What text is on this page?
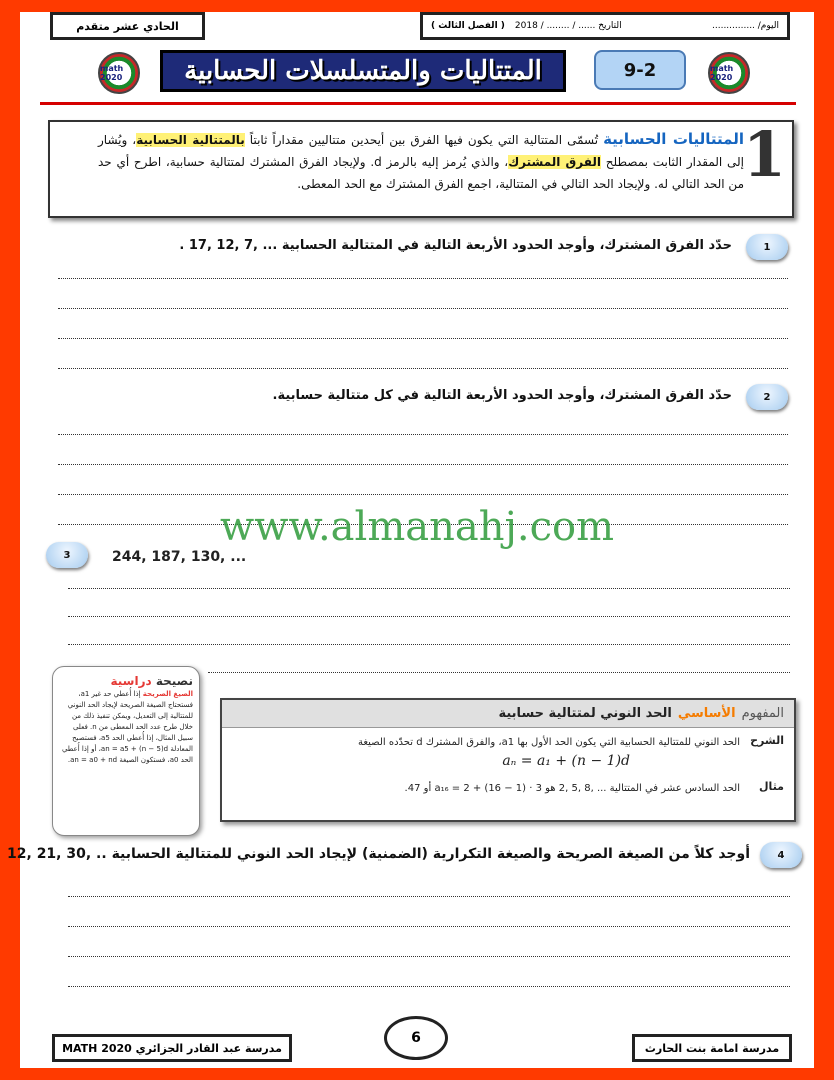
الحادي عشر متقدم	اليوم/ ...............
التاريخ ...... / ........ / 2018
( الفصل الثالث )
math 2020	المتتاليات والمتسلسلات الحسابية	9-2	math 2020
1
المتتاليات الحسابية تُسمّى المتتالية التي يكون فيها الفرق بين أيحدين متتاليين مقداراً ثابتاً بالمتتالية الحسابية، ويُشار إلى المقدار الثابت بمصطلح الفرق المشترك، والذي يُرمز إليه بالرمز d. ولإيجاد الفرق المشترك لمتتالية حسابية، اطرح أي حد من الحد التالي له. ولإيجاد الحد التالي في المتتالية، اجمع الفرق المشترك مع الحد المعطى.
1
حدّد الفرق المشترك، وأوجد الحدود الأربعة التالية في المتتالية الحسابية ... ,7 ,12 ,17 .
2
حدّد الفرق المشترك، وأوجد الحدود الأربعة التالية في كل متتالية حسابية.
www.almanahj.com
3	244, 187, 130, ...
نصيحة دراسية
الصيغ الصريحة إذا أُعطي حد غير a1، فستحتاج الصيغة الصريحة لإيجاد الحد النوني للمتتالية إلى التعديل، ويمكن تنفيذ ذلك من خلال طرح عدد الحد المعطى من n. فعلى سبيل المثال، إذا أُعطي الحد a5، فستصبح المعادلة an = a5 + (n − 5)d، أو إذا أُعطي الحد a0، فستكون الصيغة an = a0 + nd.
المفهوم
الأساسي
الحد النوني لمتتالية حسابية
الشرح
الحد النوني للمتتالية الحسابية التي يكون الحد الأول بها a1، والفرق المشترك d تحدّده الصيغة
aₙ = a₁ + (n − 1)d
مثال
الحد السادس عشر في المتتالية ... ,8 ,5 ,2 هو a₁₆ = 2 + (16 − 1) · 3 أو 47.
4
أوجد كلاً من الصيغة الصريحة والصيغة التكرارية (الضمنية) لإيجاد الحد النوني للمتتالية الحسابية .. ,30 ,21 ,12
مدرسة عبد القادر الجزائري MATH 2020
6
مدرسة امامة بنت الحارث
